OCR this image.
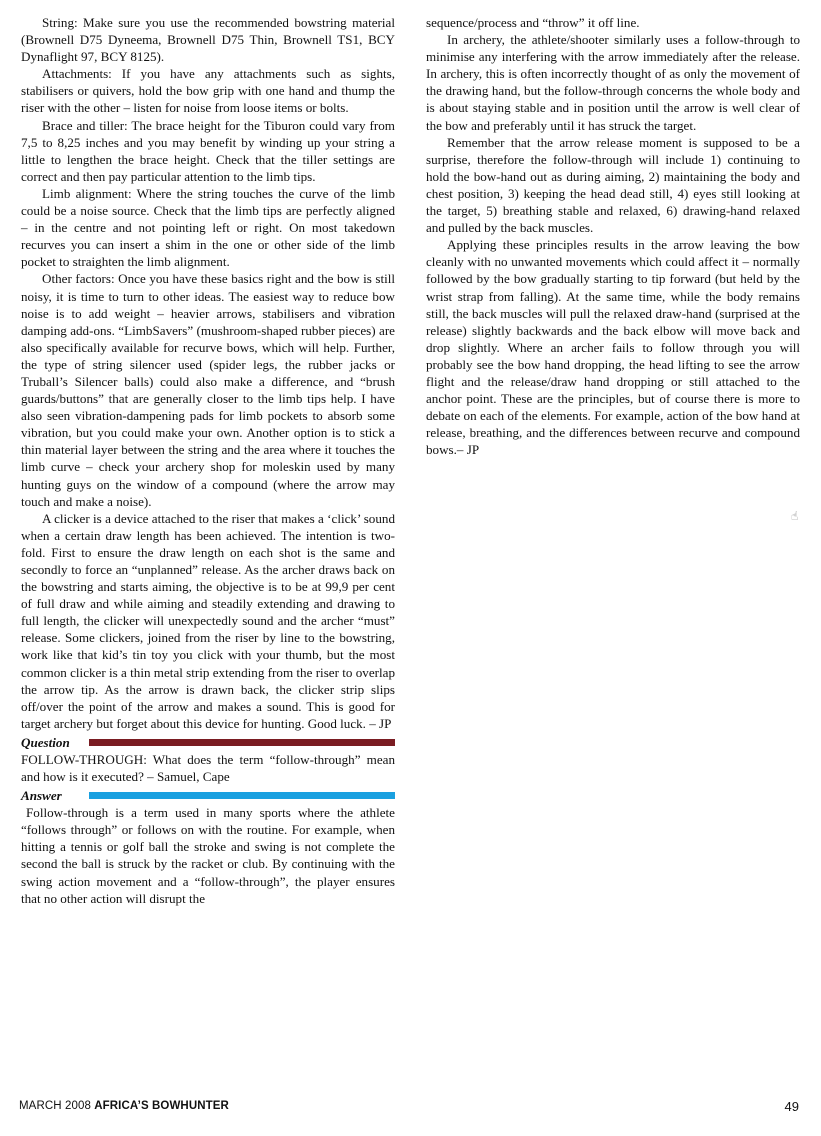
String: Make sure you use the recommended bowstring material (Brownell D75 Dyneema, Brownell D75 Thin, Brownell TS1, BCY Dynaflight 97, BCY 8125).

Attachments: If you have any attachments such as sights, stabilisers or quivers, hold the bow grip with one hand and thump the riser with the other – listen for noise from loose items or bolts.

Brace and tiller: The brace height for the Tiburon could vary from 7,5 to 8,25 inches and you may benefit by winding up your string a little to lengthen the brace height. Check that the tiller settings are correct and then pay particular attention to the limb tips.

Limb alignment: Where the string touches the curve of the limb could be a noise source. Check that the limb tips are perfectly aligned – in the centre and not pointing left or right. On most takedown recurves you can insert a shim in the one or other side of the limb pocket to straighten the limb alignment.

Other factors: Once you have these basics right and the bow is still noisy, it is time to turn to other ideas. The easiest way to reduce bow noise is to add weight – heavier arrows, stabilisers and vibration damping add-ons. “LimbSavers” (mushroom-shaped rubber pieces) are also specifically available for recurve bows, which will help. Further, the type of string silencer used (spider legs, the rubber jacks or Truball’s Silencer balls) could also make a difference, and “brush guards/buttons” that are generally closer to the limb tips help. I have also seen vibration-dampening pads for limb pockets to absorb some vibration, but you could make your own. Another option is to stick a thin material layer between the string and the area where it touches the limb curve – check your archery shop for moleskin used by many hunting guys on the window of a compound (where the arrow may touch and make a noise).

A clicker is a device attached to the riser that makes a ‘click’ sound when a certain draw length has been achieved. The intention is two-fold. First to ensure the draw length on each shot is the same and secondly to force an “unplanned” release. As the archer draws back on the bowstring and starts aiming, the objective is to be at 99,9 per cent of full draw and while aiming and steadily extending and drawing to full length, the clicker will unexpectedly sound and the archer “must” release. Some clickers, joined from the riser by line to the bowstring, work like that kid’s tin toy you click with your thumb, but the most common clicker is a thin metal strip extending from the riser to overlap the arrow tip. As the arrow is drawn back, the clicker strip slips off/over the point of the arrow and makes a sound. This is good for target archery but forget about this device for hunting. Good luck. – JP

Question

FOLLOW-THROUGH: What does the term “follow-through” mean and how is it executed? – Samuel, Cape

Answer

Follow-through is a term used in many sports where the athlete “follows through” or follows on with the routine. For example, when hitting a tennis or golf ball the stroke and swing is not complete the second the ball is struck by the racket or club. By continuing with the swing action movement and a “follow-through”, the player ensures that no other action will disrupt the

sequence/process and “throw” it off line.

In archery, the athlete/shooter similarly uses a follow-through to minimise any interfering with the arrow immediately after the release. In archery, this is often incorrectly thought of as only the movement of the drawing hand, but the follow-through concerns the whole body and is about staying stable and in position until the arrow is well clear of the bow and preferably until it has struck the target.

Remember that the arrow release moment is supposed to be a surprise, therefore the follow-through will include 1) continuing to hold the bow-hand out as during aiming, 2) maintaining the body and chest position, 3) keeping the head dead still, 4) eyes still looking at the target, 5) breathing stable and relaxed, 6) drawing-hand relaxed and pulled by the back muscles.

Applying these principles results in the arrow leaving the bow cleanly with no unwanted movements which could affect it – normally followed by the bow gradually starting to tip forward (but held by the wrist strap from falling). At the same time, while the body remains still, the back muscles will pull the relaxed draw-hand (surprised at the release) slightly backwards and the back elbow will move back and drop slightly. Where an archer fails to follow through you will probably see the bow hand dropping, the head lifting to see the arrow flight and the release/draw hand dropping or still attached to the anchor point. These are the principles, but of course there is more to debate on each of the elements. For example, action of the bow hand at release, breathing, and the differences between recurve and compound bows.– JP

☝
MARCH 2008 AFRICA’S BOWHUNTER	49
